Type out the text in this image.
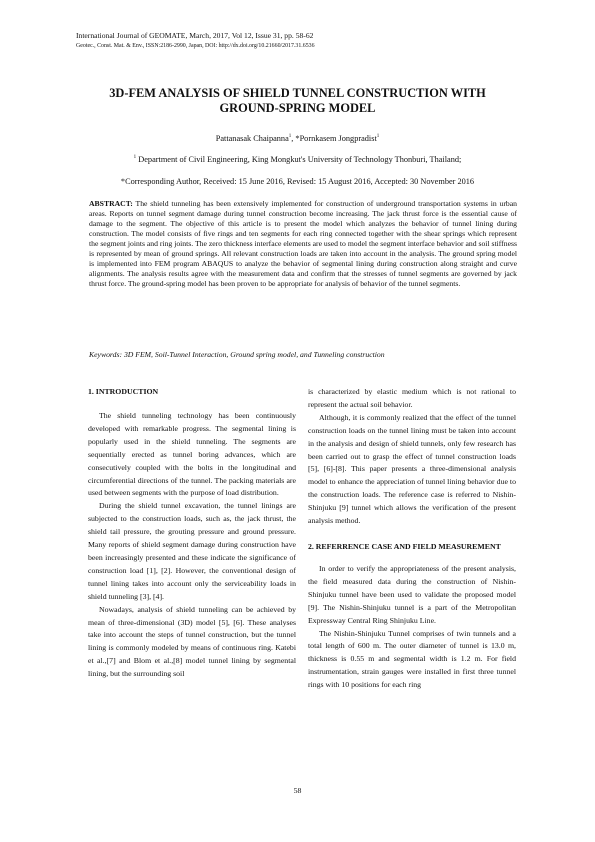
International Journal of GEOMATE, March, 2017, Vol 12, Issue 31, pp. 58-62
Geotec., Const. Mat. & Env., ISSN:2186-2990, Japan, DOI: http://dx.doi.org/10.21660/2017.31.6536
3D-FEM ANALYSIS OF SHIELD TUNNEL CONSTRUCTION WITH
GROUND-SPRING MODEL
Pattanasak Chaipanna$^1$, *Pornkasem Jongpradist$^1$
$^1$ Department of Civil Engineering, King Mongkut's University of Technology Thonburi, Thailand;
*Corresponding Author, Received: 15 June 2016, Revised: 15 August 2016, Accepted: 30 November 2016
ABSTRACT: The shield tunneling has been extensively implemented for construction of underground transportation systems in urban areas. Reports on tunnel segment damage during tunnel construction become increasing. The jack thrust force is the essential cause of damage to the segment. The objective of this article is to present the model which analyzes the behavior of tunnel lining during construction. The model consists of five rings and ten segments for each ring connected together with the shear springs which represent the segment joints and ring joints. The zero thickness interface elements are used to model the segment interface behavior and soil stiffness is represented by mean of ground springs. All relevant construction loads are taken into account in the analysis. The ground spring model is implemented into FEM program ABAQUS to analyze the behavior of segmental lining during construction along straight and curve alignments. The analysis results agree with the measurement data and confirm that the stresses of tunnel segments are governed by jack thrust force. The ground-spring model has been proven to be appropriate for analysis of behavior of the tunnel segments.
Keywords: 3D FEM, Soil-Tunnel Interaction, Ground spring model, and Tunneling construction
1. INTRODUCTION

The shield tunneling technology has been continuously developed with remarkable progress. The segmental lining is popularly used in the shield tunneling. The segments are sequentially erected as tunnel boring advances, which are consecutively coupled with the bolts in the longitudinal and circumferential directions of the tunnel. The packing materials are used between segments with the purpose of load distribution.

During the shield tunnel excavation, the tunnel linings are subjected to the construction loads, such as, the jack thrust, the shield tail pressure, the grouting pressure and ground pressure. Many reports of shield segment damage during construction have been increasingly presented and these indicate the significance of construction load [1], [2]. However, the conventional design of tunnel lining takes into account only the serviceability loads in shield tunneling [3], [4].

Nowadays, analysis of shield tunneling can be achieved by mean of three-dimensional (3D) model [5], [6]. These analyses take into account the steps of tunnel construction, but the tunnel lining is commonly modeled by means of continuous ring. Katebi et al.,[7] and Blom et al.,[8] model tunnel lining by segmental lining, but the surrounding soil

is characterized by elastic medium which is not rational to represent the actual soil behavior.

Although, it is commonly realized that the effect of the tunnel construction loads on the tunnel lining must be taken into account in the analysis and design of shield tunnels, only few research has been carried out to grasp the effect of tunnel construction loads [5], [6]-[8]. This paper presents a three-dimensional analysis model to enhance the appreciation of tunnel lining behavior due to the construction loads. The reference case is referred to Nishin-Shinjuku [9] tunnel which allows the verification of the present analysis method.

2. REFERRENCE CASE AND FIELD MEASUREMENT

In order to verify the appropriateness of the present analysis, the field measured data during the construction of Nishin-Shinjuku tunnel have been used to validate the proposed model [9]. The Nishin-Shinjuku tunnel is a part of the Metropolitan Expressway Central Ring Shinjuku Line.

The Nishin-Shinjuku Tunnel comprises of twin tunnels and a total length of 600 m. The outer diameter of tunnel is 13.0 m, thickness is 0.55 m and segmental width is 1.2 m. For field instrumentation, strain gauges were installed in first three tunnel rings with 10 positions for each ring

58
